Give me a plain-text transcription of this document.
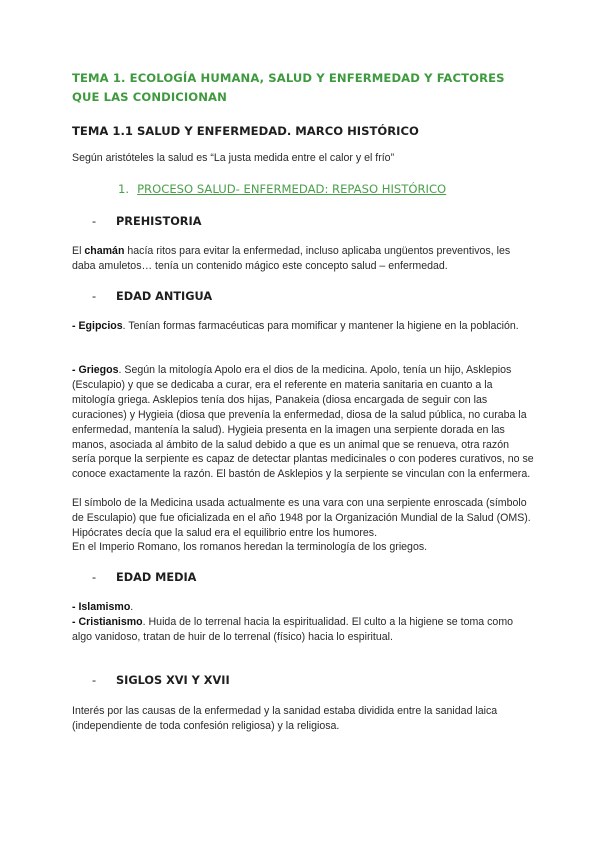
TEMA 1. ECOLOGÍA HUMANA, SALUD Y ENFERMEDAD Y FACTORES QUE LAS CONDICIONAN
TEMA 1.1 SALUD Y ENFERMEDAD. MARCO HISTÓRICO
Según aristóteles la salud es “La justa medida entre el calor y el frío”
1. PROCESO SALUD- ENFERMEDAD: REPASO HISTÓRICO
- PREHISTORIA
El chamán hacía ritos para evitar la enfermedad, incluso aplicaba ungüentos preventivos, les daba amuletos… tenía un contenido mágico este concepto salud – enfermedad.
- EDAD ANTIGUA
- Egipcios. Tenían formas farmacéuticas para momificar y mantener la higiene en la población.
- Griegos. Según la mitología Apolo era el dios de la medicina. Apolo, tenía un hijo, Asklepios (Esculapio) y que se dedicaba a curar, era el referente en materia sanitaria en cuanto a la mitología griega. Asklepios tenía dos hijas, Panakeia (diosa encargada de seguir con las curaciones) y Hygieia (diosa que prevenía la enfermedad, diosa de la salud pública, no curaba la enfermedad, mantenía la salud). Hygieia presenta en la imagen una serpiente dorada en las manos, asociada al ámbito de la salud debido a que es un animal que se renueva, otra razón sería porque la serpiente es capaz de detectar plantas medicinales o con poderes curativos, no se conoce exactamente la razón. El bastón de Asklepios y la serpiente se vinculan con la enfermera.
El símbolo de la Medicina usada actualmente es una vara con una serpiente enroscada (símbolo de Esculapio) que fue oficializada en el año 1948 por la Organización Mundial de la Salud (OMS). Hipócrates decía que la salud era el equilibrio entre los humores.
En el Imperio Romano, los romanos heredan la terminología de los griegos.
- EDAD MEDIA
- Islamismo.
- Cristianismo. Huida de lo terrenal hacia la espiritualidad. El culto a la higiene se toma como algo vanidoso, tratan de huir de lo terrenal (físico) hacia lo espiritual.
- SIGLOS XVI Y XVII
Interés por las causas de la enfermedad y la sanidad estaba dividida entre la sanidad laica (independiente de toda confesión religiosa) y la religiosa.
